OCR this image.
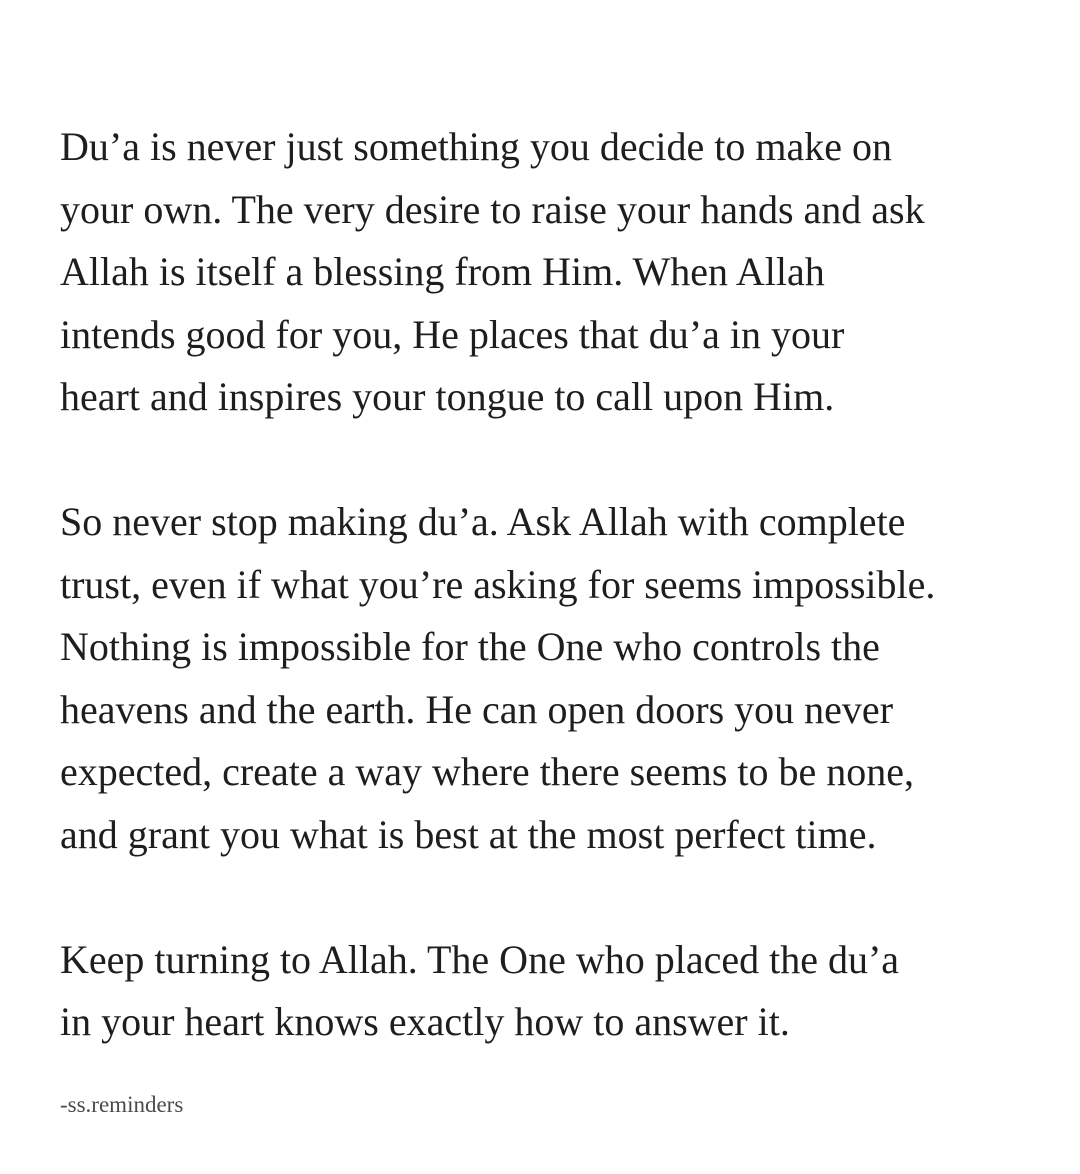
Du’a is never just something you decide to make on
your own. The very desire to raise your hands and ask
Allah is itself a blessing from Him. When Allah
intends good for you, He places that du’a in your
heart and inspires your tongue to call upon Him.

So never stop making du’a. Ask Allah with complete
trust, even if what you’re asking for seems impossible.
Nothing is impossible for the One who controls the
heavens and the earth. He can open doors you never
expected, create a way where there seems to be none,
and grant you what is best at the most perfect time.

Keep turning to Allah. The One who placed the du’a
in your heart knows exactly how to answer it.

-ss.reminders
